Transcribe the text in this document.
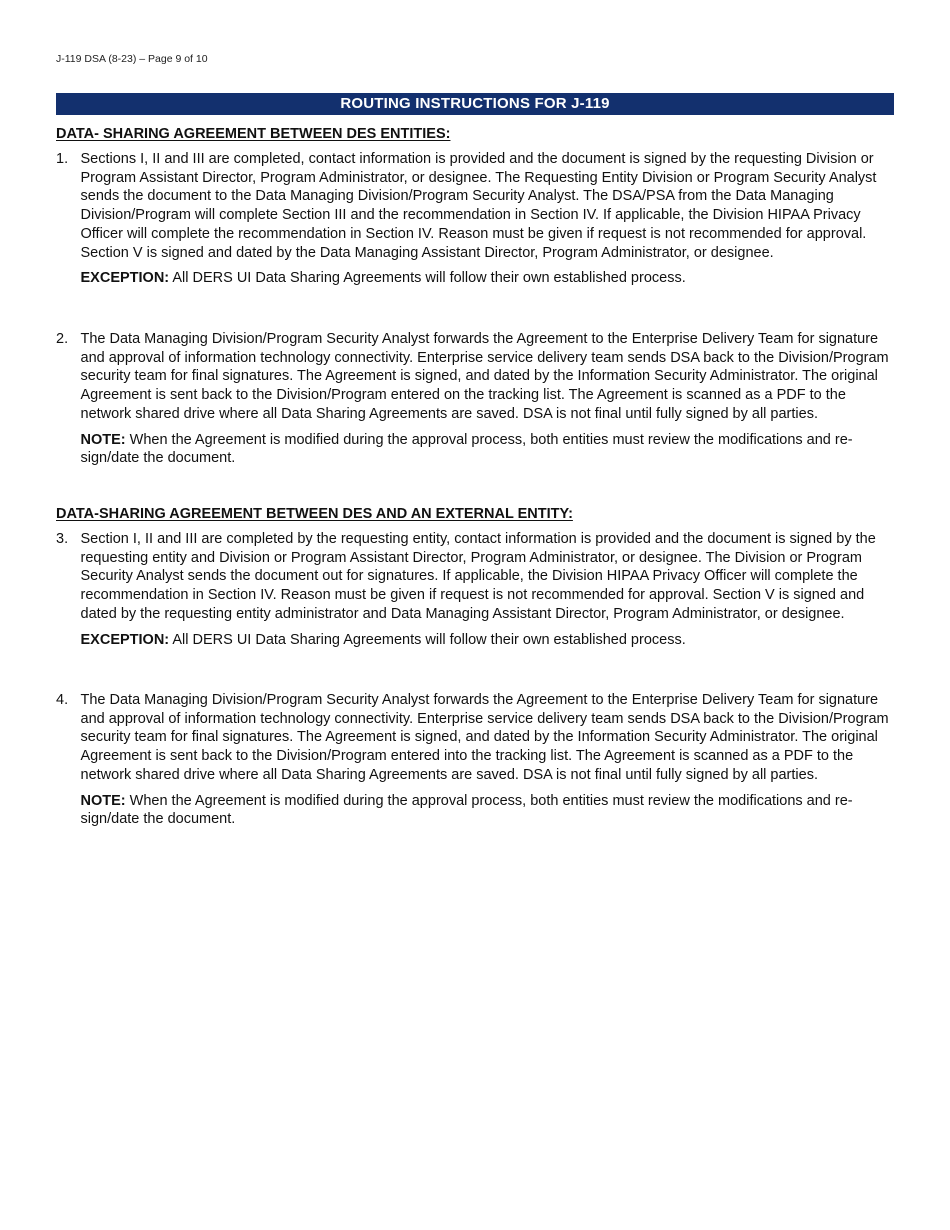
J-119 DSA (8-23) – Page 9 of 10
ROUTING INSTRUCTIONS FOR J-119
DATA- SHARING AGREEMENT BETWEEN DES ENTITIES:
1. Sections I, II and III are completed, contact information is provided and the document is signed by the requesting Division or Program Assistant Director, Program Administrator, or designee. The Requesting Entity Division or Program Security Analyst sends the document to the Data Managing Division/Program Security Analyst. The DSA/PSA from the Data Managing Division/Program will complete Section III and the recommendation in Section IV. If applicable, the Division HIPAA Privacy Officer will complete the recommendation in Section IV. Reason must be given if request is not recommended for approval. Section V is signed and dated by the Data Managing Assistant Director, Program Administrator, or designee.
EXCEPTION: All DERS UI Data Sharing Agreements will follow their own established process.
2. The Data Managing Division/Program Security Analyst forwards the Agreement to the Enterprise Delivery Team for signature and approval of information technology connectivity. Enterprise service delivery team sends DSA back to the Division/Program security team for final signatures. The Agreement is signed, and dated by the Information Security Administrator. The original Agreement is sent back to the Division/Program entered on the tracking list. The Agreement is scanned as a PDF to the network shared drive where all Data Sharing Agreements are saved. DSA is not final until fully signed by all parties.
NOTE: When the Agreement is modified during the approval process, both entities must review the modifications and re-sign/date the document.
DATA-SHARING AGREEMENT BETWEEN DES AND AN EXTERNAL ENTITY:
3. Section I, II and III are completed by the requesting entity, contact information is provided and the document is signed by the requesting entity and Division or Program Assistant Director, Program Administrator, or designee. The Division or Program Security Analyst sends the document out for signatures. If applicable, the Division HIPAA Privacy Officer will complete the recommendation in Section IV. Reason must be given if request is not recommended for approval. Section V is signed and dated by the requesting entity administrator and Data Managing Assistant Director, Program Administrator, or designee.
EXCEPTION: All DERS UI Data Sharing Agreements will follow their own established process.
4. The Data Managing Division/Program Security Analyst forwards the Agreement to the Enterprise Delivery Team for signature and approval of information technology connectivity. Enterprise service delivery team sends DSA back to the Division/Program security team for final signatures. The Agreement is signed, and dated by the Information Security Administrator. The original Agreement is sent back to the Division/Program entered into the tracking list. The Agreement is scanned as a PDF to the network shared drive where all Data Sharing Agreements are saved. DSA is not final until fully signed by all parties.
NOTE: When the Agreement is modified during the approval process, both entities must review the modifications and re-sign/date the document.
